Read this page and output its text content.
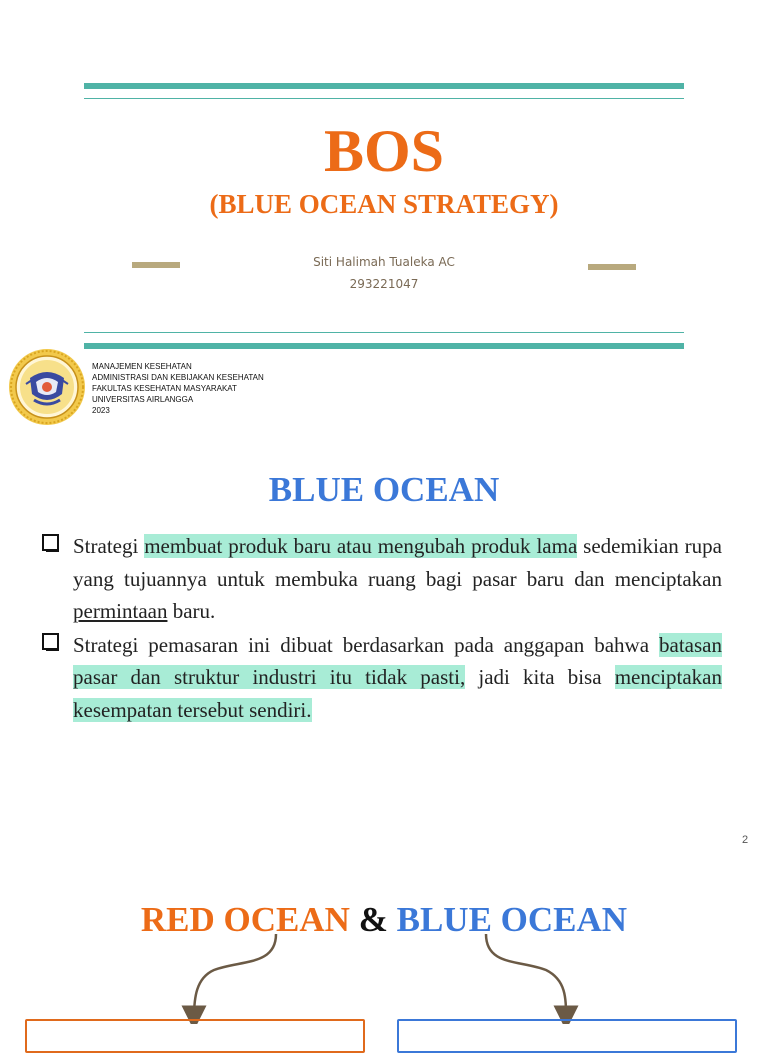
BOS
(BLUE OCEAN STRATEGY)
Siti Halimah Tualeka AC
293221047
MANAJEMEN KESEHATAN
ADMINISTRASI DAN KEBIJAKAN KESEHATAN
FAKULTAS KESEHATAN MASYARAKAT
UNIVERSITAS AIRLANGGA
2023
BLUE OCEAN
Strategi membuat produk baru atau mengubah produk lama sedemikian rupa yang tujuannya untuk membuka ruang bagi pasar baru dan menciptakan permintaan baru.
Strategi pemasaran ini dibuat berdasarkan pada anggapan bahwa batasan pasar dan struktur industri itu tidak pasti, jadi kita bisa menciptakan kesempatan tersebut sendiri.
2
RED OCEAN & BLUE OCEAN
